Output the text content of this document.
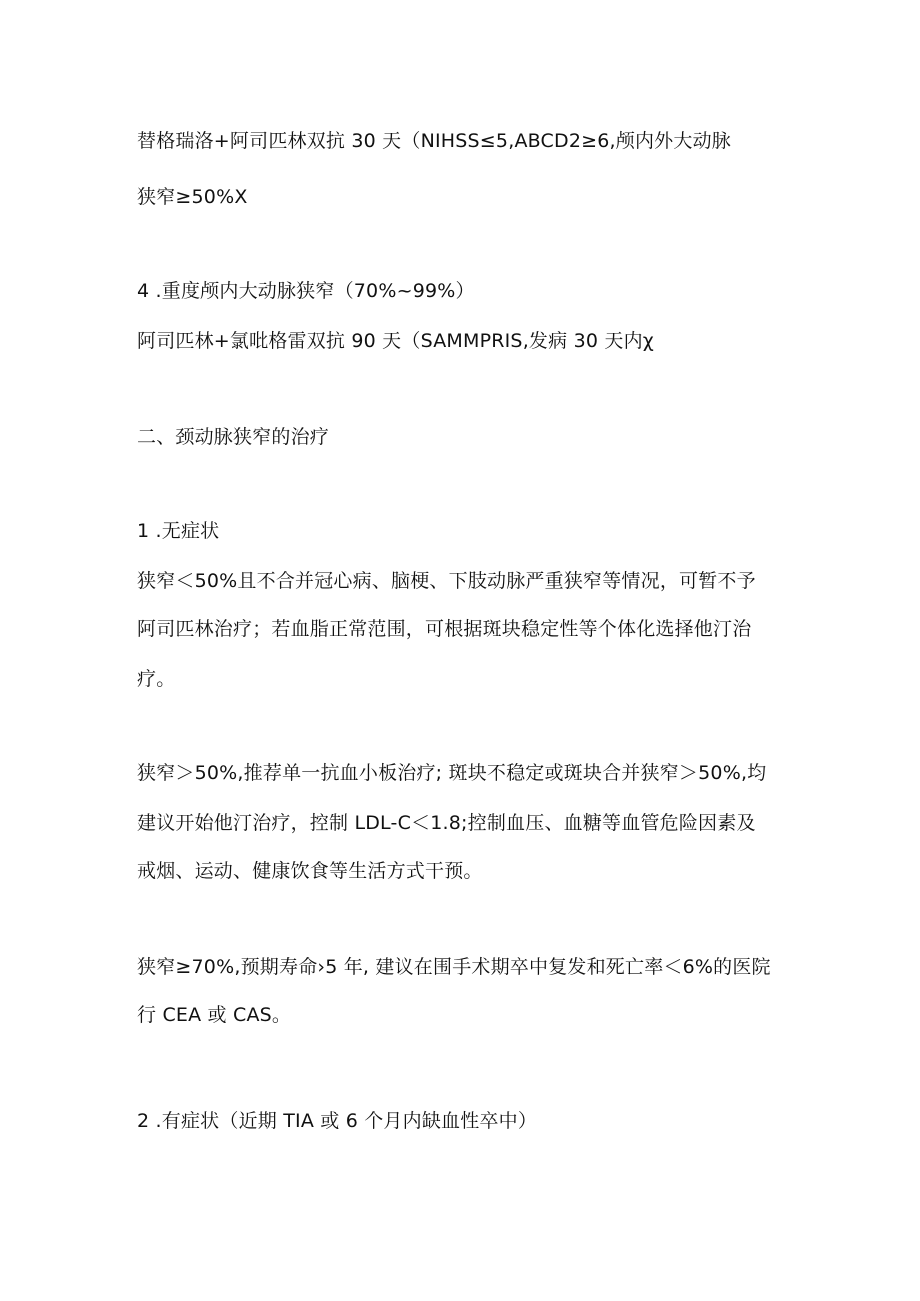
替格瑞洛+阿司匹林双抗 30 天（NIHSS≤5,ABCD2≥6,颅内外大动脉
狭窄≥50%X
4 .重度颅内大动脉狭窄（70%~99%）
阿司匹林+氯吡格雷双抗 90 天（SAMMPRIS,发病 30 天内χ
二、颈动脉狭窄的治疗
1 .无症状
狭窄＜50%且不合并冠心病、脑梗、下肢动脉严重狭窄等情况，可暂不予
阿司匹林治疗；若血脂正常范围，可根据斑块稳定性等个体化选择他汀治
疗。
狭窄＞50%,推荐单一抗血小板治疗; 斑块不稳定或斑块合并狭窄＞50%,均
建议开始他汀治疗，控制 LDL-C＜1.8;控制血压、血糖等血管危险因素及
戒烟、运动、健康饮食等生活方式干预。
狭窄≥70%,预期寿命›5 年, 建议在围手术期卒中复发和死亡率＜6%的医院
行 CEA 或 CAS。
2 .有症状（近期 TIA 或 6 个月内缺血性卒中）
